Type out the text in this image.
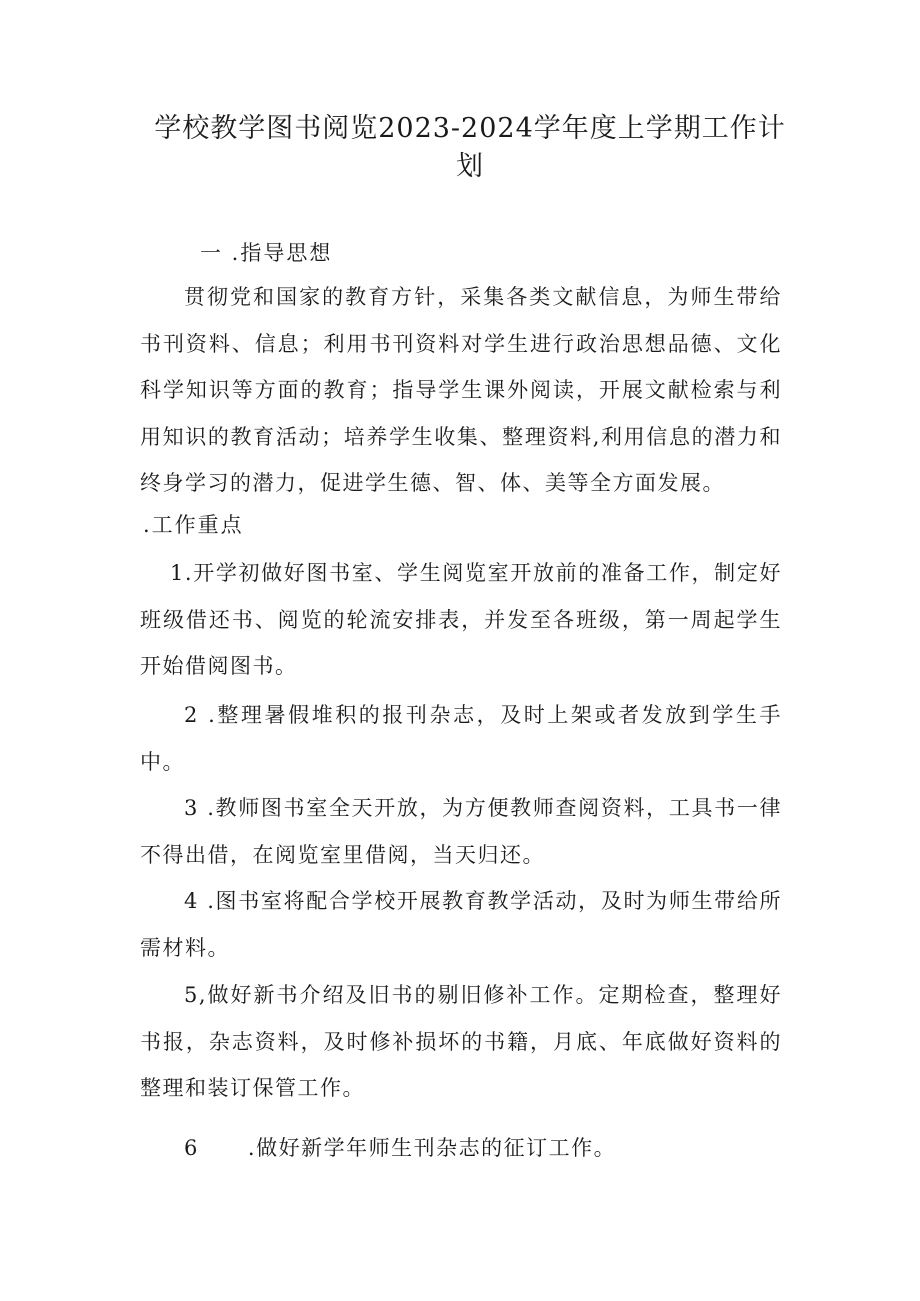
学校教学图书阅览2023-2024学年度上学期工作计划
一 .指导思想

贯彻党和国家的教育方针，采集各类文献信息，为师生带给书刊资料、信息；利用书刊资料对学生进行政治思想品德、文化科学知识等方面的教育；指导学生课外阅读，开展文献检索与利用知识的教育活动；培养学生收集、整理资料,利用信息的潜力和终身学习的潜力，促进学生德、智、体、美等全方面发展。

.工作重点

1.开学初做好图书室、学生阅览室开放前的准备工作，制定好班级借还书、阅览的轮流安排表，并发至各班级，第一周起学生开始借阅图书。

2 .整理暑假堆积的报刊杂志，及时上架或者发放到学生手中。

3 .教师图书室全天开放，为方便教师查阅资料，工具书一律不得出借，在阅览室里借阅，当天归还。

4 .图书室将配合学校开展教育教学活动，及时为师生带给所需材料。

5,做好新书介绍及旧书的剔旧修补工作。定期检查，整理好书报，杂志资料，及时修补损坏的书籍，月底、年底做好资料的整理和装订保管工作。

6      .做好新学年师生刊杂志的征订工作。
